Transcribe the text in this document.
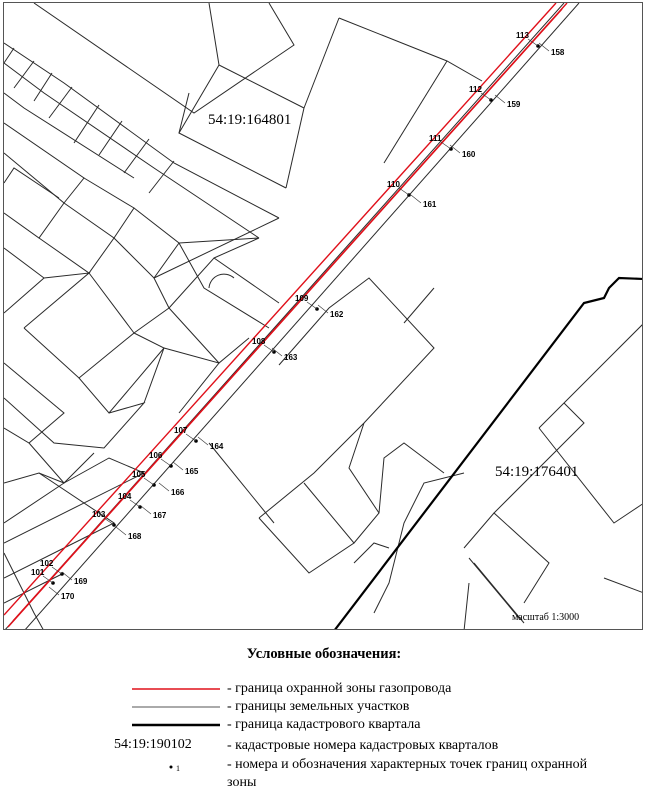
101
102
103
104
105
106
107
108
109
110
111
112
113
158
159
160
161
162
163
164
165
166
167
168
169
170
54:19:164801
54:19:176401
масштаб 1:3000
Условные обозначения:
- граница охранной зоны газопровода
- границы земельных участков
- граница кадастрового квартала
54:19:190102	- кадастровые номера кадастровых кварталов
1	- номера и обозначения характерных точек границ охранной зоны
